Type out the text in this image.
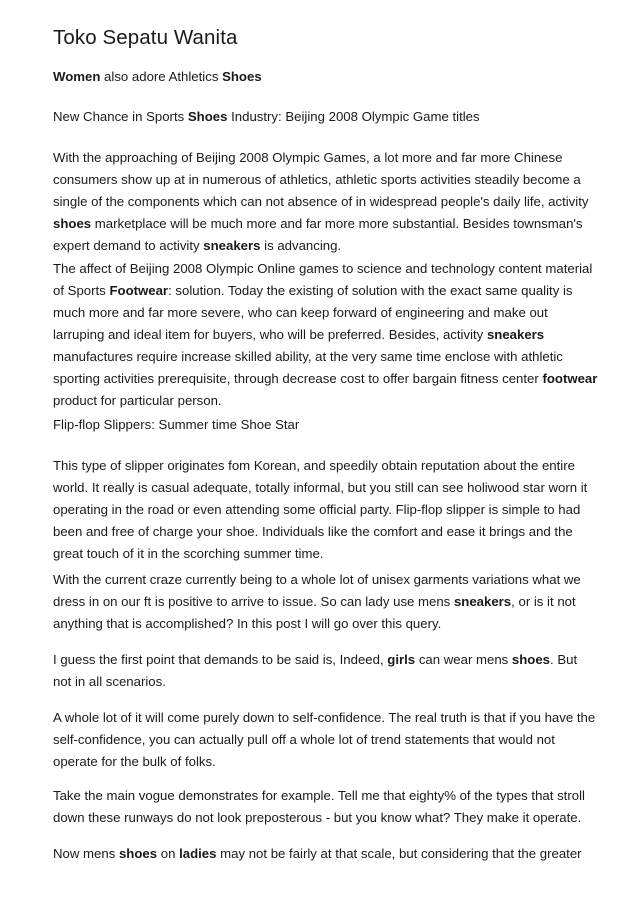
Toko Sepatu Wanita

Women also adore Athletics Shoes

New Chance in Sports Shoes Industry: Beijing 2008 Olympic Game titles

With the approaching of Beijing 2008 Olympic Games, a lot more and far more Chinese consumers show up at in numerous of athletics, athletic sports activities steadily become a single of the components which can not absence of in widespread people's daily life, activity shoes marketplace will be much more and far more more substantial. Besides townsman's expert demand to activity sneakers is advancing.

The affect of Beijing 2008 Olympic Online games to science and technology content material of Sports Footwear: solution. Today the existing of solution with the exact same quality is much more and far more severe, who can keep forward of engineering and make out larruping and ideal item for buyers, who will be preferred. Besides, activity sneakers manufactures require increase skilled ability, at the very same time enclose with athletic sporting activities prerequisite, through decrease cost to offer bargain fitness center footwear product for particular person.

Flip-flop Slippers: Summer time Shoe Star

This type of slipper originates fom Korean, and speedily obtain reputation about the entire world. It really is casual adequate, totally informal, but you still can see holiwood star worn it operating in the road or even attending some official party. Flip-flop slipper is simple to had been and free of charge your shoe. Individuals like the comfort and ease it brings and the great touch of it in the scorching summer time.

With the current craze currently being to a whole lot of unisex garments variations what we dress in on our ft is positive to arrive to issue. So can lady use mens sneakers, or is it not anything that is accomplished? In this post I will go over this query.

I guess the first point that demands to be said is, Indeed, girls can wear mens shoes. But not in all scenarios.

A whole lot of it will come purely down to self-confidence. The real truth is that if you have the self-confidence, you can actually pull off a whole lot of trend statements that would not operate for the bulk of folks.

Take the main vogue demonstrates for example. Tell me that eighty% of the types that stroll down these runways do not look preposterous - but you know what? They make it operate.

Now mens shoes on ladies may not be fairly at that scale, but considering that the greater
